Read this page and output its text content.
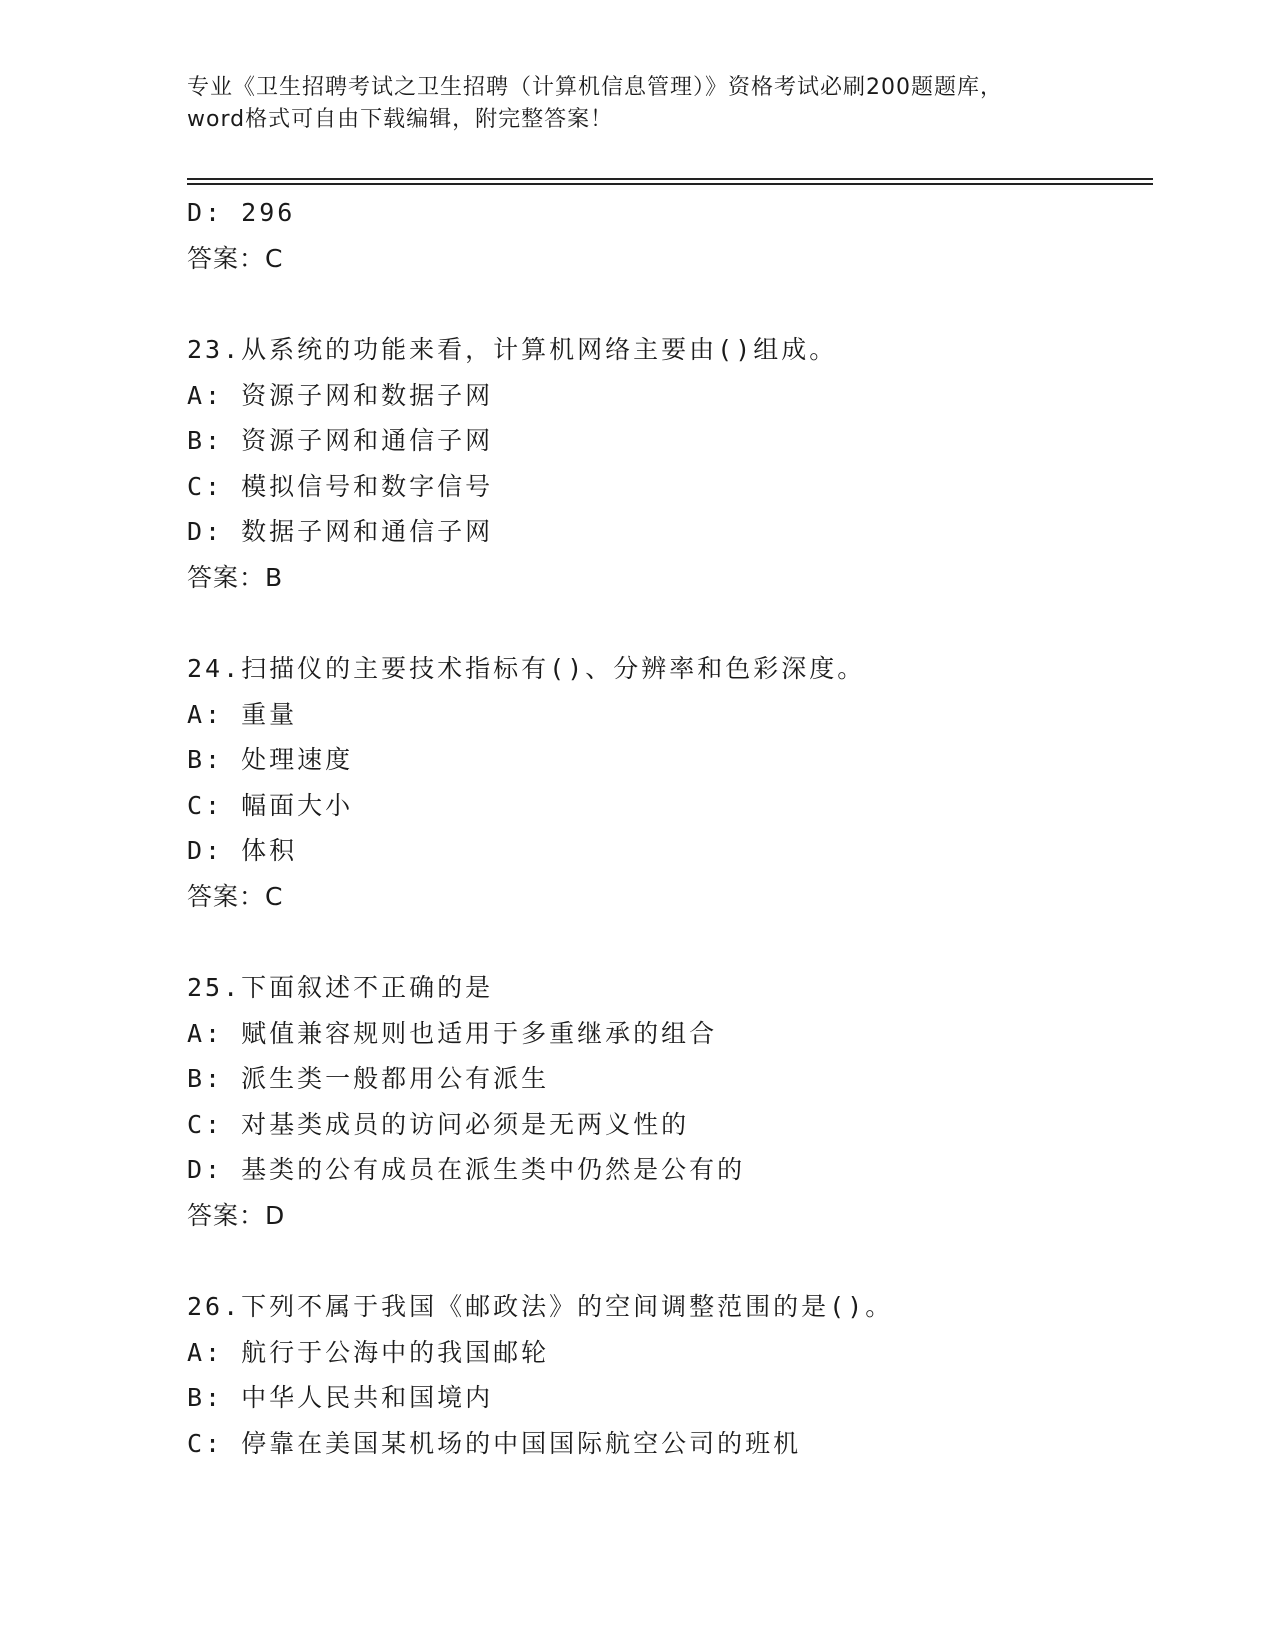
专业《卫生招聘考试之卫生招聘（计算机信息管理）》资格考试必刷200题题库，
word格式可自由下载编辑，附完整答案！
D: 296
答案：C
23.从系统的功能来看，计算机网络主要由()组成。
A: 资源子网和数据子网
B: 资源子网和通信子网
C: 模拟信号和数字信号
D: 数据子网和通信子网
答案：B
24.扫描仪的主要技术指标有()、分辨率和色彩深度。
A: 重量
B: 处理速度
C: 幅面大小
D: 体积
答案：C
25.下面叙述不正确的是
A: 赋值兼容规则也适用于多重继承的组合
B: 派生类一般都用公有派生
C: 对基类成员的访问必须是无两义性的
D: 基类的公有成员在派生类中仍然是公有的
答案：D
26.下列不属于我国《邮政法》的空间调整范围的是()。
A: 航行于公海中的我国邮轮
B: 中华人民共和国境内
C: 停靠在美国某机场的中国国际航空公司的班机
